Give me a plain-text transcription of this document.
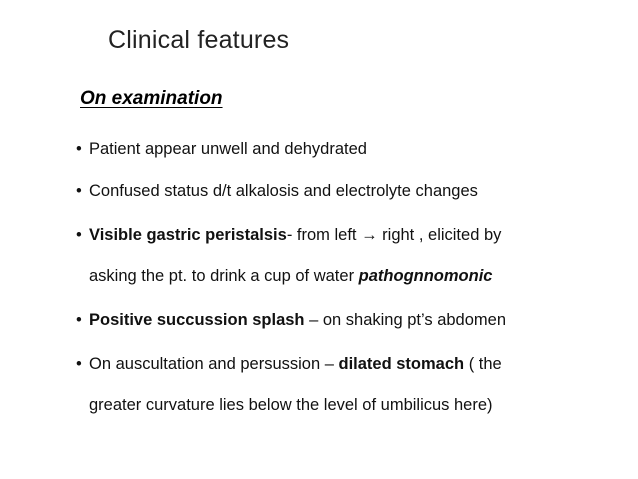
Clinical features
On examination
• Patient appear unwell and dehydrated
• Confused status d/t alkalosis and electrolyte changes
• Visible gastric peristalsis- from left → right , elicited by
asking the pt. to drink a cup of water pathognnomonic
• Positive succussion splash – on shaking pt’s abdomen
• On auscultation and persussion – dilated stomach ( the
greater curvature lies below the level of umbilicus here)
